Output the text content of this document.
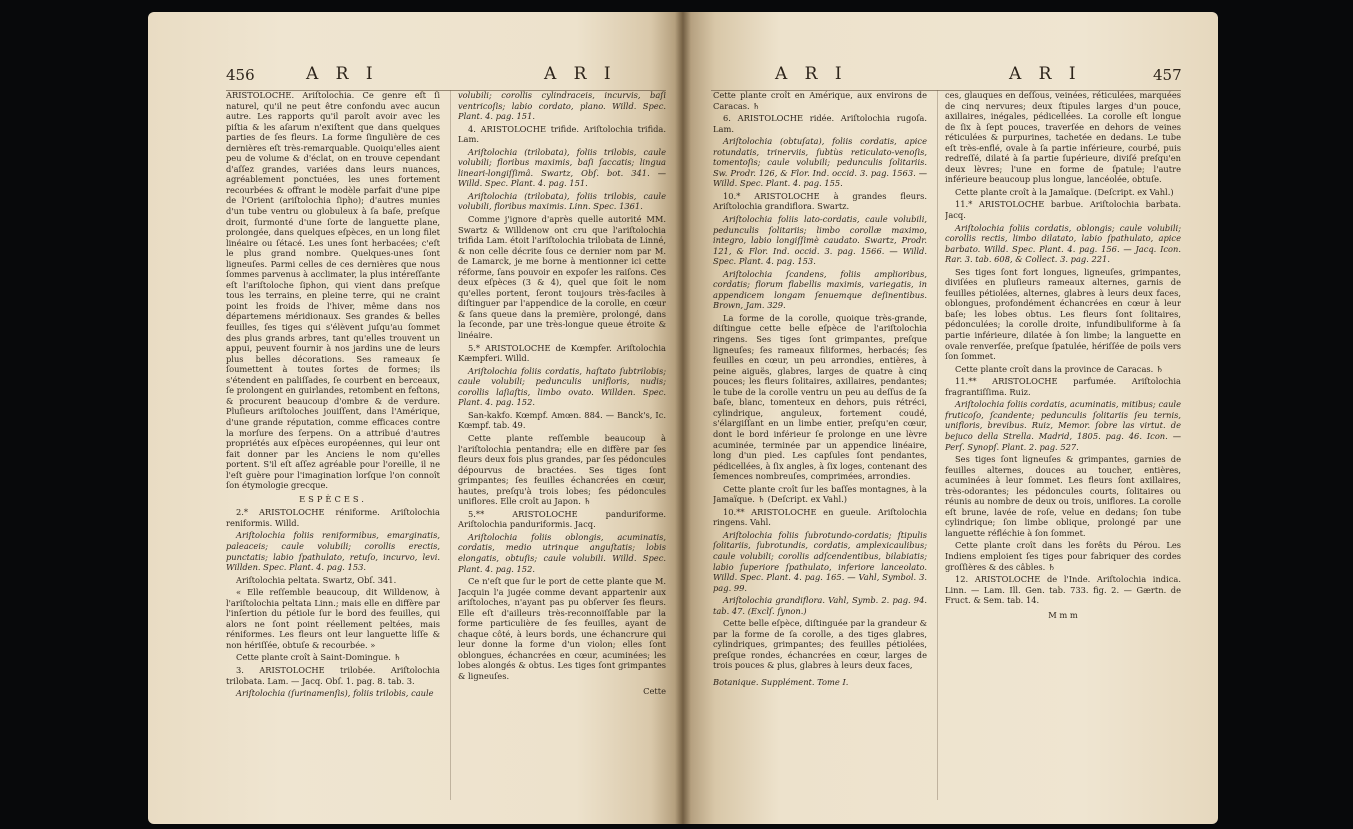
456	A R I	A R I

ARISTOLOCHE. Ariſtolochia. Ce genre eſt ſi naturel, qu'il ne peut être confondu avec aucun autre. Les rapports qu'il paroît avoir avec les piſtia & les aſarum n'exiſtent que dans quelques parties de ſes fleurs. La forme ſingulière de ces dernières eſt très-remarquable. Quoiqu'elles aient peu de volume & d'éclat, on en trouve cependant d'aſſez grandes, variées dans leurs nuances, agréablement ponctuées, les unes fortement recourbées & offrant le modèle parfait d'une pipe de l'Orient (ariſtolochia ſipho); d'autres munies d'un tube ventru ou globuleux à ſa baſe, preſque droit, ſurmonté d'une ſorte de languette plane, prolongée, dans quelques eſpèces, en un long filet linéaire ou ſétacé. Les unes ſont herbacées; c'eſt le plus grand nombre. Quelques-unes ſont ligneuſes. Parmi celles de ces dernières que nous ſommes parvenus à acclimater, la plus intéreſſante eſt l'ariſtoloche ſiphon, qui vient dans preſque tous les terrains, en pleine terre, qui ne craint point les froids de l'hiver, même dans nos départemens méridionaux. Ses grandes & belles feuilles, ſes tiges qui s'élèvent juſqu'au ſommet des plus grands arbres, tant qu'elles trouvent un appui, peuvent fournir à nos jardins une de leurs plus belles décorations. Ses rameaux ſe ſoumettent à toutes ſortes de formes; ils s'étendent en paliſſades, ſe courbent en berceaux, ſe prolongent en guirlandes, retombent en feſtons, & procurent beaucoup d'ombre & de verdure. Pluſieurs ariſtoloches jouiſſent, dans l'Amérique, d'une grande réputation, comme efficaces contre la morſure des ſerpens. On a attribué d'autres propriétés aux eſpèces européennes, qui leur ont fait donner par les Anciens le nom qu'elles portent. S'il eſt aſſez agréable pour l'oreille, il ne l'eſt guère pour l'imagination lorſque l'on connoît ſon étymologie grecque.

ESPÈCES.

2.* ARISTOLOCHE réniforme. Ariſtolochia reniformis. Willd.

Ariſtolochia foliis reniformibus, emarginatis, paleaceis; caule volubili; corollis erectis, punctatis; labio ſpathulato, retuſo, incurvo, levi. Willden. Spec. Plant. 4. pag. 153.

Ariſtolochia peltata. Swartz, Obſ. 341.

« Elle reſſemble beaucoup, dit Willdenow, à l'ariſtolochia peltata Linn.; mais elle en diffère par l'inſertion du pétiole ſur le bord des feuilles, qui alors ne ſont point réellement peltées, mais réniformes. Les fleurs ont leur languette liſſe & non hériſſée, obtuſe & recourbée. »

Cette plante croît à Saint-Domingue. ♄

3. ARISTOLOCHE trilobée. Ariſtolochia trilobata. Lam. — Jacq. Obſ. 1. pag. 8. tab. 3.

Ariſtolochia (ſurinamenſis), foliis trilobis, caule

volubili; corollis cylindraceis, incurvis, baſi ventricoſis; labio cordato, plano. Willd. Spec. Plant. 4. pag. 151.

4. ARISTOLOCHE trifide. Ariſtolochia trifida. Lam.

Ariſtolochia (trilobata), foliis trilobis, caule volubili; floribus maximis, baſi ſaccatis; lingua lineari-longiſſimâ. Swartz, Obſ. bot. 341. — Willd. Spec. Plant. 4. pag. 151.

Ariſtolochia (trilobata), foliis trilobis, caule volubili, floribus maximis. Linn. Spec. 1361.

Comme j'ignore d'après quelle autorité MM. Swartz & Willdenow ont cru que l'ariſtolochia trifida Lam. étoit l'ariſtolochia trilobata de Linné, & non celle décrite ſous ce dernier nom par M. de Lamarck, je me borne à mentionner ici cette réforme, ſans pouvoir en expoſer les raiſons. Ces deux eſpèces (3 & 4), quel que ſoit le nom qu'elles portent, ſeront toujours très-faciles à diſtinguer par l'appendice de la corolle, en cœur & ſans queue dans la première, prolongé, dans la ſeconde, par une très-longue queue étroite & linéaire.

5.* ARISTOLOCHE de Kœmpfer. Ariſtolochia Kæmpferi. Willd.

Ariſtolochia foliis cordatis, haſtato ſubtrilobis; caule volubili; pedunculis unifloris, nudis; corollis laſiaſtis, limbo ovato. Willden. Spec. Plant. 4. pag. 152.

San-kakfo. Kœmpf. Amœn. 884. — Banck's, Ic. Kœmpf. tab. 49.

Cette plante reſſemble beaucoup à l'ariſtolochia pentandra; elle en diffère par ſes fleurs deux fois plus grandes, par ſes pédoncules dépourvus de bractées. Ses tiges ſont grimpantes; ſes feuilles échancrées en cœur, hautes, preſqu'à trois lobes; ſes pédoncules uniflores. Elle croît au Japon. ♄

5.** ARISTOLOCHE panduriforme. Ariſtolochia panduriformis. Jacq.

Ariſtolochia foliis oblongis, acuminatis, cordatis, medio utrinque anguſtatis; lobis elongatis, obtuſis; caule volubili. Willd. Spec. Plant. 4. pag. 152.

Ce n'eſt que ſur le port de cette plante que M. Jacquin l'a jugée comme devant appartenir aux ariſtoloches, n'ayant pas pu obſerver ſes fleurs. Elle eſt d'ailleurs très-reconnoiſſable par la forme particulière de ſes feuilles, ayant de chaque côté, à leurs bords, une échancrure qui leur donne la forme d'un violon; elles ſont oblongues, échancrées en cœur, acuminées; les lobes alongés & obtus. Les tiges ſont grimpantes & ligneuſes.

Cette

A R I	A R I	457

Cette plante croît en Amérique, aux environs de Caracas. ♄

6. ARISTOLOCHE ridée. Ariſtolochia rugoſa. Lam.

Ariſtolochia (obtuſata), foliis cordatis, apice rotundatis, trinerviis, ſubtùs reticulato-venoſis, tomentoſis; caule volubili; pedunculis ſolitariis. Sw. Prodr. 126, & Flor. Ind. occid. 3. pag. 1563. — Willd. Spec. Plant. 4. pag. 155.

10.* ARISTOLOCHE à grandes fleurs. Ariſtolochia grandiflora. Swartz.

Ariſtolochia foliis lato-cordatis, caule volubili, pedunculis ſolitariis; limbo corollæ maximo, integro, labio longiſſimè caudato. Swartz, Prodr. 121, & Flor. Ind. occid. 3. pag. 1566. — Willd. Spec. Plant. 4. pag. 153.

Ariſtolochia ſcandens, foliis amplioribus, cordatis; florum flabellis maximis, variegatis, in appendicem longam ſenuemque deſinentibus. Brown, Jam. 329.

La forme de la corolle, quoique très-grande, diſtingue cette belle eſpèce de l'ariſtolochia ringens. Ses tiges ſont grimpantes, preſque ligneuſes; ſes rameaux filiformes, herbacés; ſes feuilles en cœur, un peu arrondies, entières, à peine aiguës, glabres, larges de quatre à cinq pouces; les fleurs ſolitaires, axillaires, pendantes; le tube de la corolle ventru un peu au deſſus de ſa baſe, blanc, tomenteux en dehors, puis rétréci, cylindrique, anguleux, fortement coudé, s'élargiſſant en un limbe entier, preſqu'en cœur, dont le bord inférieur ſe prolonge en une lèvre acuminée, terminée par un appendice linéaire, long d'un pied. Les capſules ſont pendantes, pédicellées, à ſix angles, à ſix loges, contenant des ſemences nombreuſes, comprimées, arrondies.

Cette plante croît ſur les baſſes montagnes, à la Jamaïque. ♄ (Deſcript. ex Vahl.)

10.** ARISTOLOCHE en gueule. Ariſtolochia ringens. Vahl.

Ariſtolochia foliis ſubrotundo-cordatis; ſtipulis ſolitariis, ſubrotundis, cordatis, amplexicaulibus; caule volubili; corollis adſcendentibus, bilabiatis; labio ſuperiore ſpathulato, inferiore lanceolato. Willd. Spec. Plant. 4. pag. 165. — Vahl, Symbol. 3. pag. 99.

Ariſtolochia grandiflora. Vahl, Symb. 2. pag. 94. tab. 47. (Exclſ. ſynon.)

Cette belle eſpèce, diſtinguée par la grandeur & par la forme de ſa corolle, a des tiges glabres, cylindriques, grimpantes; des feuilles pétiolées, preſque rondes, échancrées en cœur, larges de trois pouces & plus, glabres à leurs deux faces,

Botanique. Supplément. Tome I.

ces, glauques en deſſous, veinées, réticulées, marquées de cinq nervures; deux ſtipules larges d'un pouce, axillaires, inégales, pédicellées. La corolle eſt longue de ſix à ſept pouces, traverſée en dehors de veines réticulées & purpurines, tachetée en dedans. Le tube eſt très-enflé, ovale à ſa partie inférieure, courbé, puis redreſſé, dilaté à ſa partie ſupérieure, diviſé preſqu'en deux lèvres; l'une en forme de ſpatule; l'autre inférieure beaucoup plus longue, lancéolée, obtuſe.

Cette plante croît à la Jamaïque. (Deſcript. ex Vahl.)

11.* ARISTOLOCHE barbue. Ariſtolochia barbata. Jacq.

Ariſtolochia foliis cordatis, oblongis; caule volubili; corollis rectis, limbo dilatato, labio ſpathulato, apice barbato. Willd. Spec. Plant. 4. pag. 156. — Jacq. Icon. Rar. 3. tab. 608, & Collect. 3. pag. 221.

Ses tiges ſont fort longues, ligneuſes, grimpantes, diviſées en pluſieurs rameaux alternes, garnis de feuilles pétiolées, alternes, glabres à leurs deux faces, oblongues, profondément échancrées en cœur à leur baſe; les lobes obtus. Les fleurs ſont ſolitaires, pédonculées; la corolle droite, infundibuliforme à ſa partie inférieure, dilatée à ſon limbe; la languette en ovale renverſée, preſque ſpatulée, hériſſée de poils vers ſon ſommet.

Cette plante croît dans la province de Caracas. ♄

11.** ARISTOLOCHE parfumée. Ariſtolochia fragrantiſſima. Ruiz.

Ariſtolochia foliis cordatis, acuminatis, mitibus; caule fruticoſo, ſcandente; pedunculis ſolitariis ſeu ternis, unifloris, brevibus. Ruiz, Memor. ſobre las virtut. de bejuco della Strella. Madrid, 1805. pag. 46. Icon. — Perſ. Synopſ. Plant. 2. pag. 527.

Ses tiges ſont ligneuſes & grimpantes, garnies de feuilles alternes, douces au toucher, entières, acuminées à leur ſommet. Les fleurs ſont axillaires, très-odorantes; les pédoncules courts, ſolitaires ou réunis au nombre de deux ou trois, uniflores. La corolle eſt brune, lavée de roſe, velue en dedans; ſon tube cylindrique; ſon limbe oblique, prolongé par une languette réfléchie à ſon ſommet.

Cette plante croît dans les forêts du Pérou. Les Indiens emploient ſes tiges pour fabriquer des cordes groſſières & des câbles. ♄

12. ARISTOLOCHE de l'Inde. Ariſtolochia indica. Linn. — Lam. Ill. Gen. tab. 733. fig. 2. — Gærtn. de Fruct. & Sem. tab. 14.

M m m
